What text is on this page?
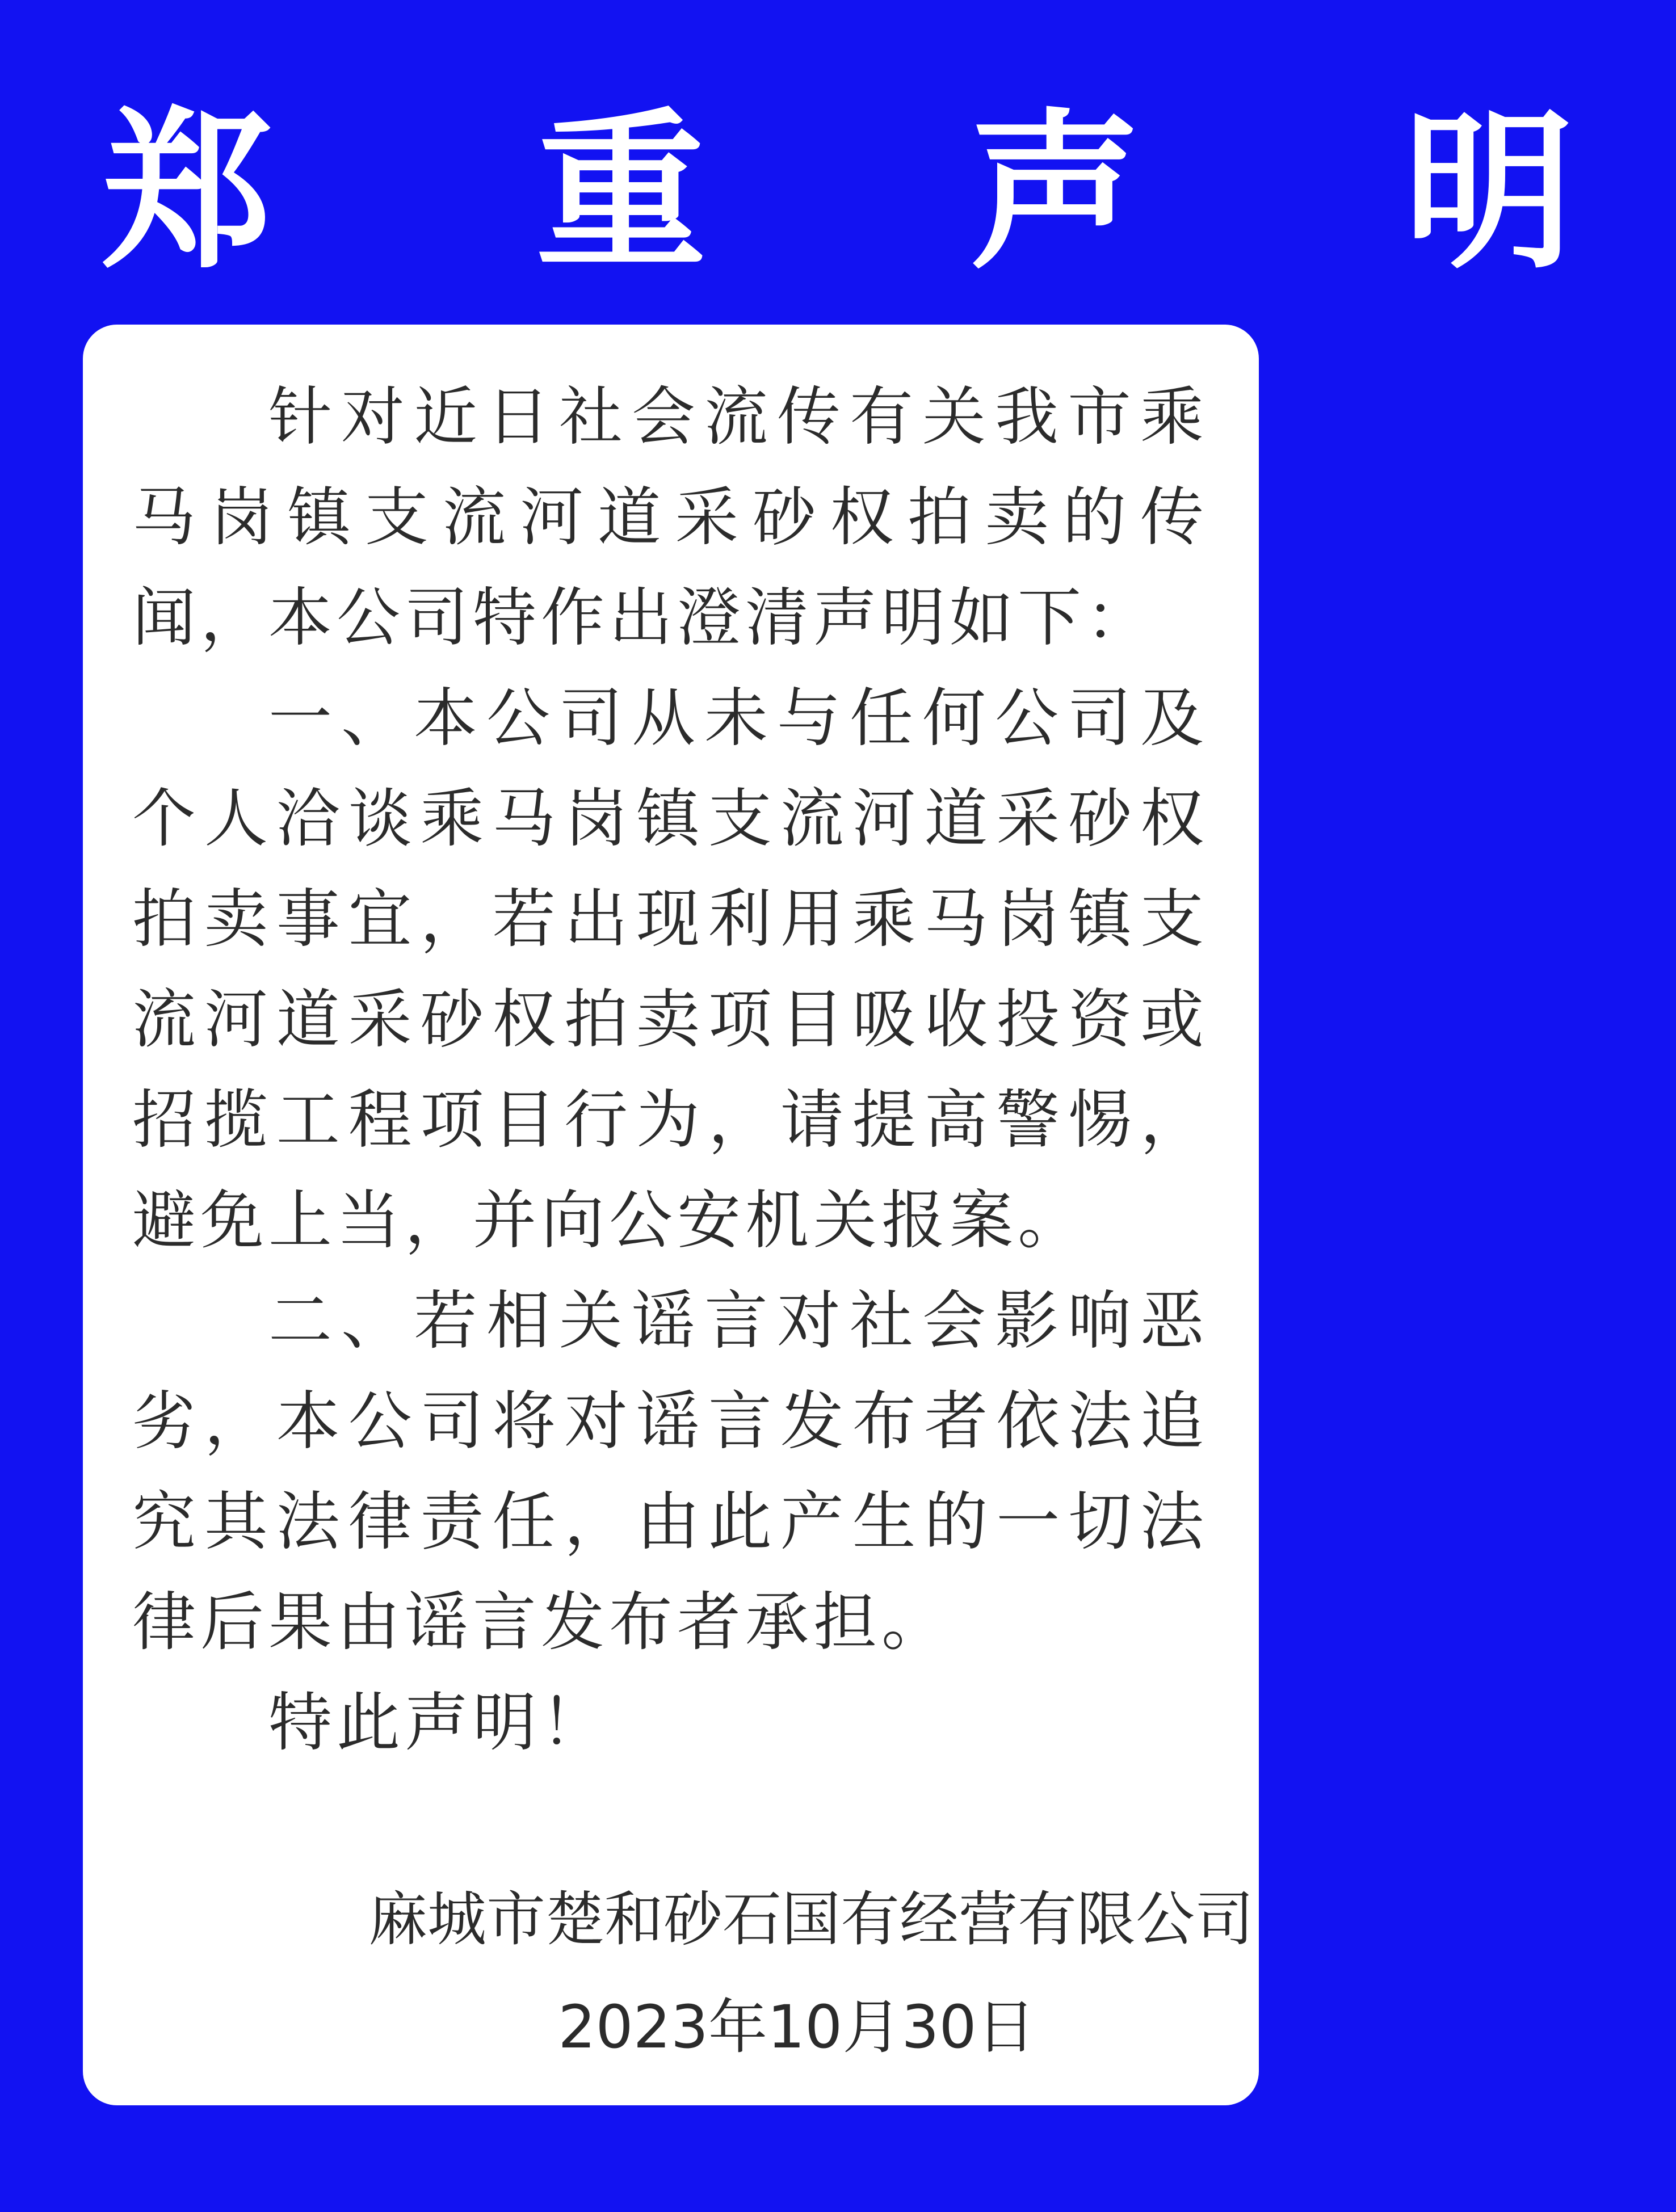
郑 重 声 明

针对近日社会流传有关我市乘马岗镇支流河道采砂权拍卖的传闻，本公司特作出澄清声明如下：

一、本公司从未与任何公司及个人洽谈乘马岗镇支流河道采砂权拍卖事宜，若出现利用乘马岗镇支流河道采砂权拍卖项目吸收投资或招揽工程项目行为，请提高警惕，避免上当，并向公安机关报案。

二、若相关谣言对社会影响恶劣，本公司将对谣言发布者依法追究其法律责任，由此产生的一切法律后果由谣言发布者承担。

特此声明！

麻城市楚和砂石国有经营有限公司
2023年10月30日
